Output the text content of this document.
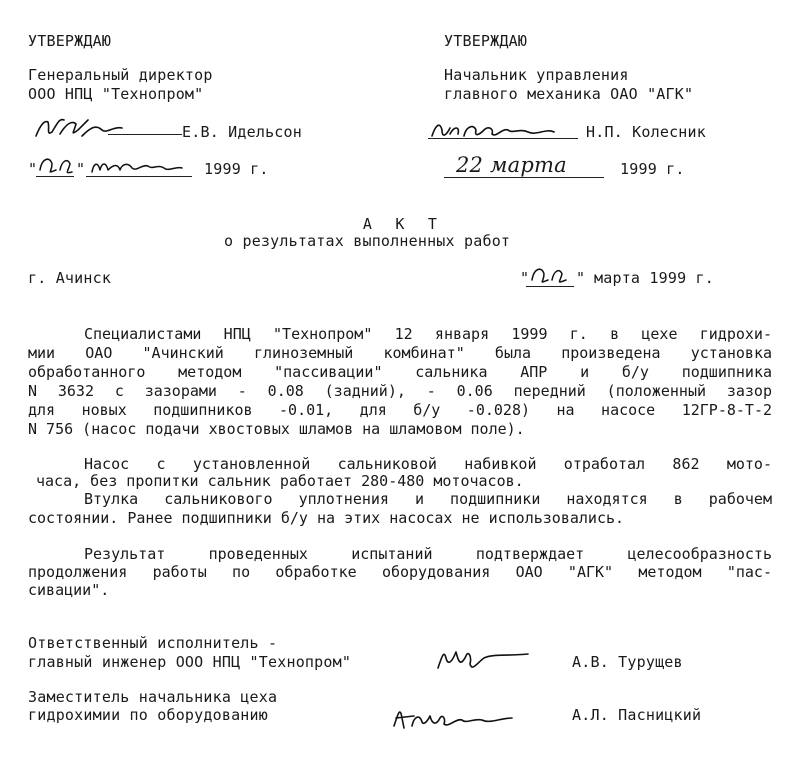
УТВЕРЖДАЮ
Генеральный директор
ООО НПЦ "Технопром"
Е.В. Идельсон
"	"	1999 г.
УТВЕРЖДАЮ
Начальник управления
главного механика ОАО "АГК"
Н.П. Колесник
22 марта	1999 г.
А К Т
о результатах выполненных работ
г. Ачинск	"	" марта 1999 г.
Специалистами НПЦ "Технопром" 12 января 1999 г. в цехе гидрохи-
мии ОАО "Ачинский глиноземный комбинат" была произведена установка
обработанного методом "пассивации" сальника АПР и б/у подшипника
N 3632 с зазорами - 0.08 (задний), - 0.06 передний (положенный зазор
для новых подшипников -0.01, для б/у -0.028) на насосе 12ГР-8-Т-2
N 756 (насос подачи хвостовых шламов на шламовом поле).
Насос с установленной сальниковой набивкой отработал 862 мото-
часа, без пропитки сальник работает 280-480 моточасов.
Втулка сальникового уплотнения и подшипники находятся в рабочем
состоянии. Ранее подшипники б/у на этих насосах не использовались.
Результат проведенных испытаний подтверждает целесообразность
продолжения работы по обработке оборудования ОАО "АГК" методом "пас-
сивации".
Ответственный исполнитель -
главный инженер ООО НПЦ "Технопром"	А.В. Турущев
Заместитель начальника цеха
гидрохимии по оборудованию	А.Л. Пасницкий
